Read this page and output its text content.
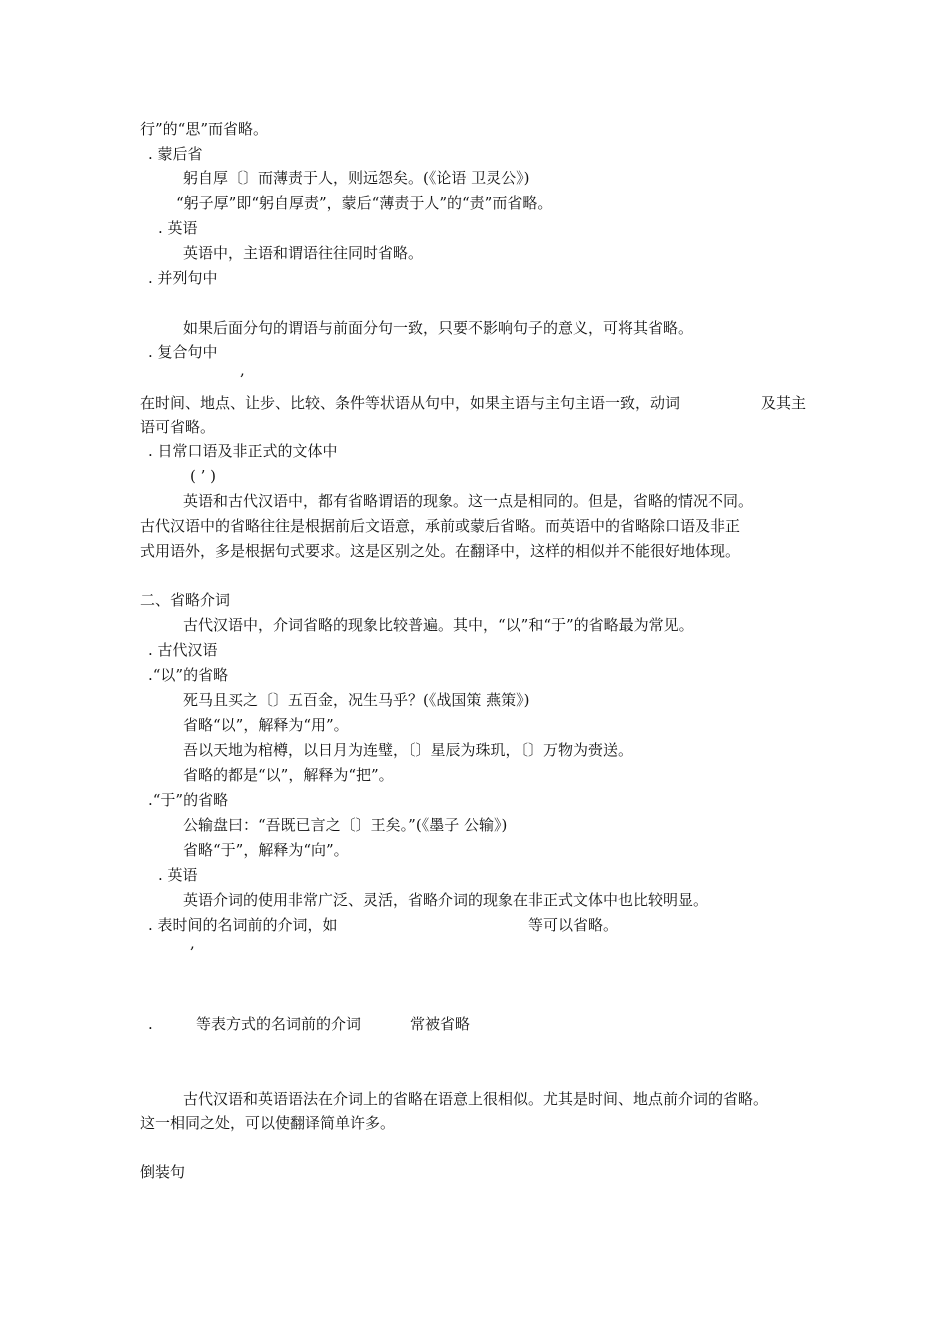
行”的“思”而省略。
. 蒙后省
躬自厚〔〕而薄责于人，则远怨矣。(《论语 卫灵公》)
“躬子厚”即“躬自厚责”，蒙后“薄责于人”的“责”而省略。
. 英语
英语中，主语和谓语往往同时省略。
. 并列句中
如果后面分句的谓语与前面分句一致，只要不影响句子的意义，可将其省略。
. 复合句中
,
在时间、地点、让步、比较、条件等状语从句中，如果主语与主句主语一致，动词	及其主
语可省略。
. 日常口语及非正式的文体中
( ’ )
英语和古代汉语中，都有省略谓语的现象。这一点是相同的。但是，省略的情况不同。
古代汉语中的省略往往是根据前后文语意，承前或蒙后省略。而英语中的省略除口语及非正
式用语外，多是根据句式要求。这是区别之处。在翻译中，这样的相似并不能很好地体现。
二、省略介词
古代汉语中，介词省略的现象比较普遍。其中，“以”和“于”的省略最为常见。
. 古代汉语
.“以”的省略
死马且买之〔〕五百金，况生马乎？(《战国策 燕策》)
省略“以”，解释为“用”。
吾以天地为棺樽，以日月为连璧，〔〕星辰为珠玑，〔〕万物为赍送。
省略的都是“以”，解释为“把”。
.“于”的省略
公输盘曰：“吾既已言之〔〕王矣。”(《墨子 公输》)
省略“于”，解释为“向”。
. 英语
英语介词的使用非常广泛、灵活，省略介词的现象在非正式文体中也比较明显。
. 表时间的名词前的介词，如	等可以省略。
,
.	等表方式的名词前的介词	常被省略
古代汉语和英语语法在介词上的省略在语意上很相似。尤其是时间、地点前介词的省略。
这一相同之处，可以使翻译简单许多。
倒装句
